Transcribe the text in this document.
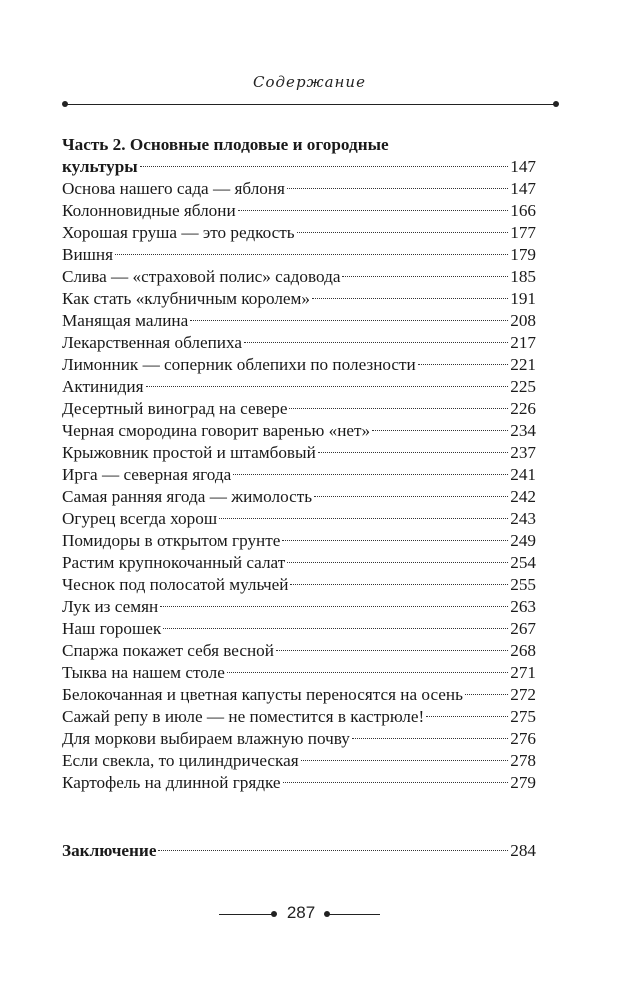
Содержание
Часть 2. Основные плодовые и огородные
культуры	147
Основа нашего сада — яблоня	147
Колонновидные яблони	166
Хорошая груша — это редкость	177
Вишня	179
Слива — «страховой полис» садовода	185
Как стать «клубничным королем»	191
Манящая малина	208
Лекарственная облепиха	217
Лимонник — соперник облепихи по полезности	221
Актинидия	225
Десертный виноград на севере	226
Черная смородина говорит варенью «нет»	234
Крыжовник простой и штамбовый	237
Ирга — северная ягода	241
Самая ранняя ягода — жимолость	242
Огурец всегда хорош	243
Помидоры в открытом грунте	249
Растим крупнокочанный салат	254
Чеснок под полосатой мульчей	255
Лук из семян	263
Наш горошек	267
Спаржа покажет себя весной	268
Тыква на нашем столе	271
Белокочанная и цветная капусты переносятся на осень	272
Сажай репу в июле — не поместится в кастрюле!	275
Для моркови выбираем влажную почву	276
Если свекла, то цилиндрическая	278
Картофель на длинной грядке	279
Заключение	284
287
